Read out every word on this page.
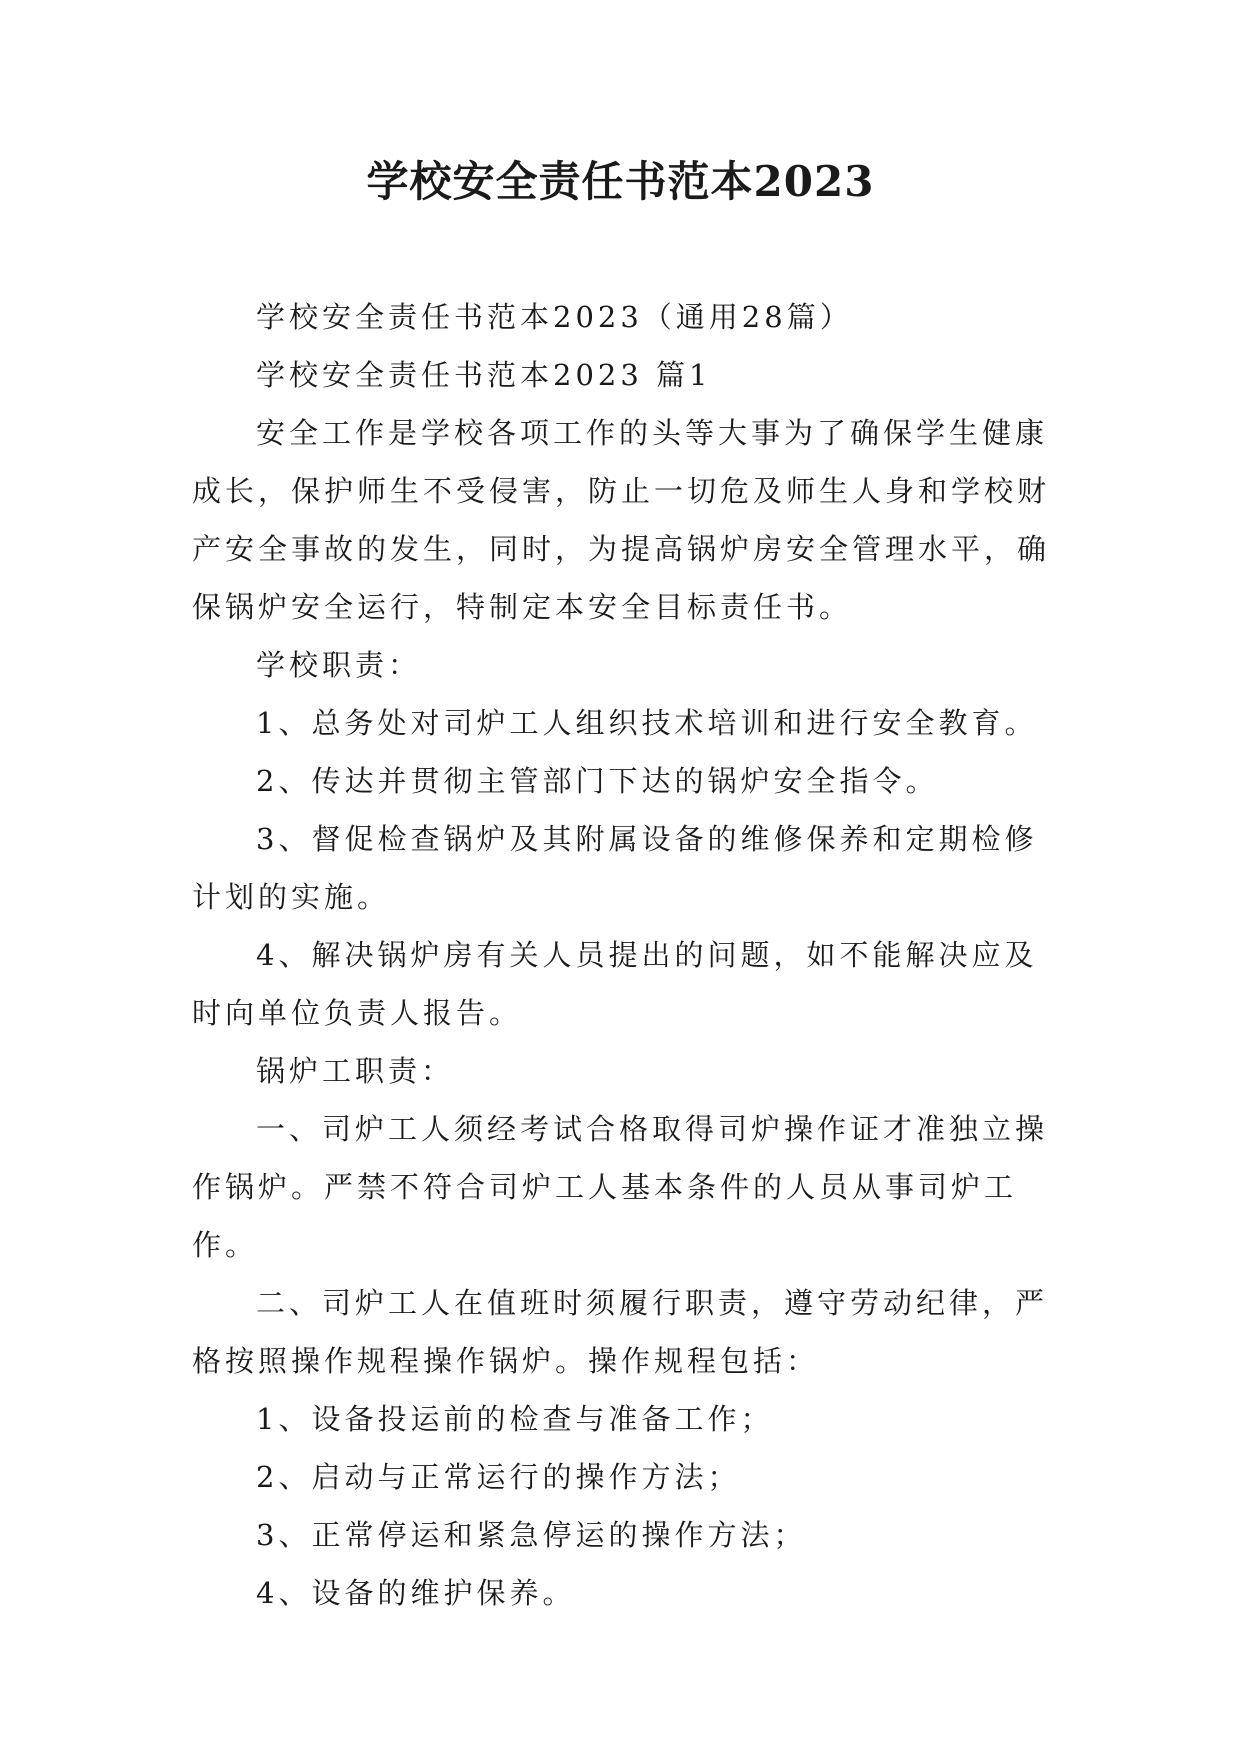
学校安全责任书范本2023

学校安全责任书范本2023（通用28篇）

学校安全责任书范本2023 篇1

安全工作是学校各项工作的头等大事为了确保学生健康成长，保护师生不受侵害，防止一切危及师生人身和学校财产安全事故的发生，同时，为提高锅炉房安全管理水平，确保锅炉安全运行，特制定本安全目标责任书。

学校职责：

1、总务处对司炉工人组织技术培训和进行安全教育。

2、传达并贯彻主管部门下达的锅炉安全指令。

3、督促检查锅炉及其附属设备的维修保养和定期检修计划的实施。

4、解决锅炉房有关人员提出的问题，如不能解决应及时向单位负责人报告。

锅炉工职责：

一、司炉工人须经考试合格取得司炉操作证才准独立操作锅炉。严禁不符合司炉工人基本条件的人员从事司炉工作。

二、司炉工人在值班时须履行职责，遵守劳动纪律，严格按照操作规程操作锅炉。操作规程包括：

1、设备投运前的检查与准备工作；

2、启动与正常运行的操作方法；

3、正常停运和紧急停运的操作方法；

4、设备的维护保养。
